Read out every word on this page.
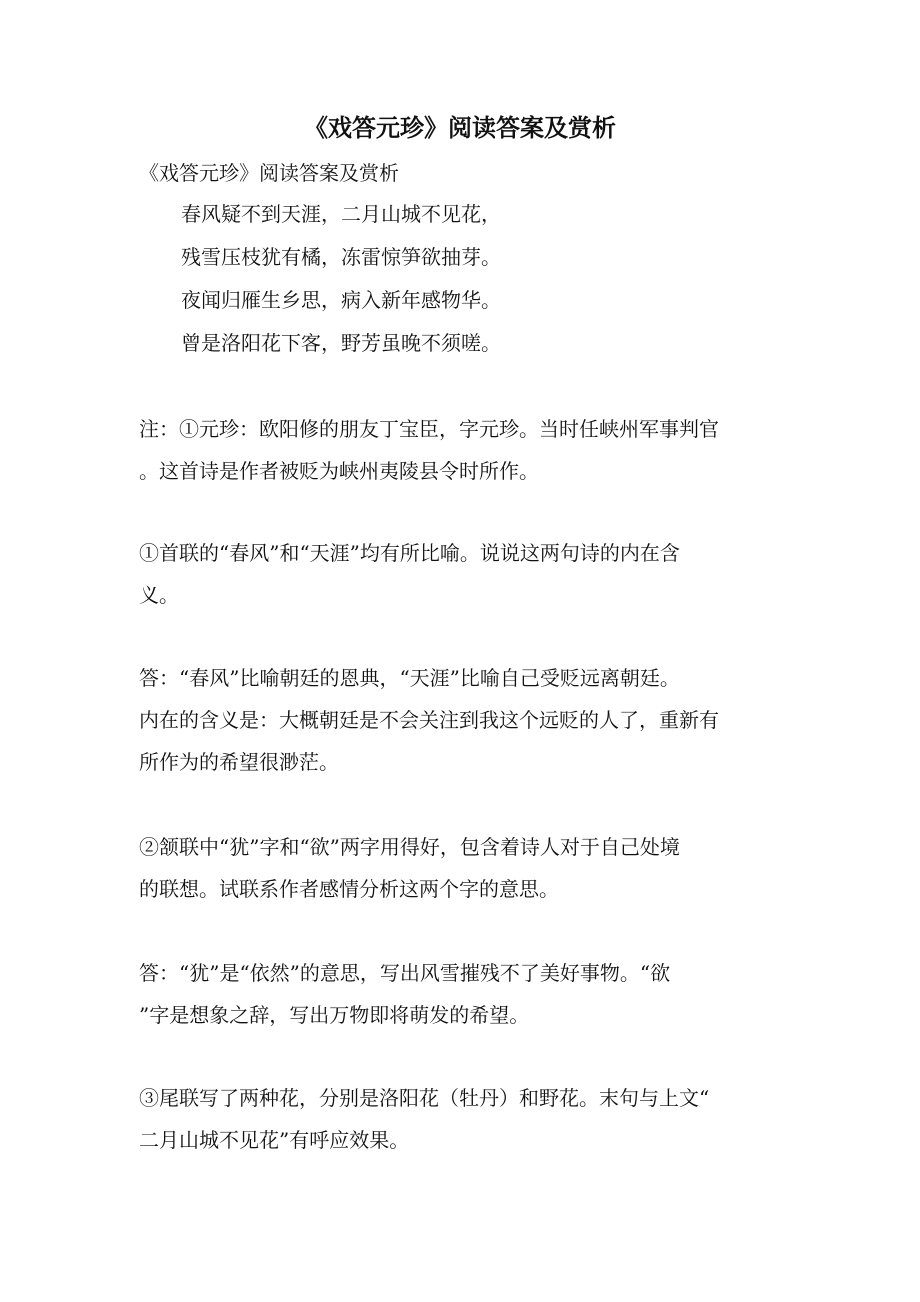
《戏答元珍》阅读答案及赏析
《戏答元珍》阅读答案及赏析
春风疑不到天涯，二月山城不见花，
残雪压枝犹有橘，冻雷惊笋欲抽芽。
夜闻归雁生乡思，病入新年感物华。
曾是洛阳花下客，野芳虽晚不须嗟。
注：①元珍：欧阳修的朋友丁宝臣，字元珍。当时任峡州军事判官
。这首诗是作者被贬为峡州夷陵县令时所作。
①首联的“春风”和“天涯”均有所比喻。说说这两句诗的内在含
义。
答：“春风”比喻朝廷的恩典，“天涯”比喻自己受贬远离朝廷。
内在的含义是：大概朝廷是不会关注到我这个远贬的人了，重新有
所作为的希望很渺茫。
②颔联中“犹”字和“欲”两字用得好，包含着诗人对于自己处境
的联想。试联系作者感情分析这两个字的意思。
答：“犹”是“依然”的意思，写出风雪摧残不了美好事物。“欲
”字是想象之辞，写出万物即将萌发的希望。
③尾联写了两种花，分别是洛阳花（牡丹）和野花。末句与上文“
二月山城不见花”有呼应效果。
